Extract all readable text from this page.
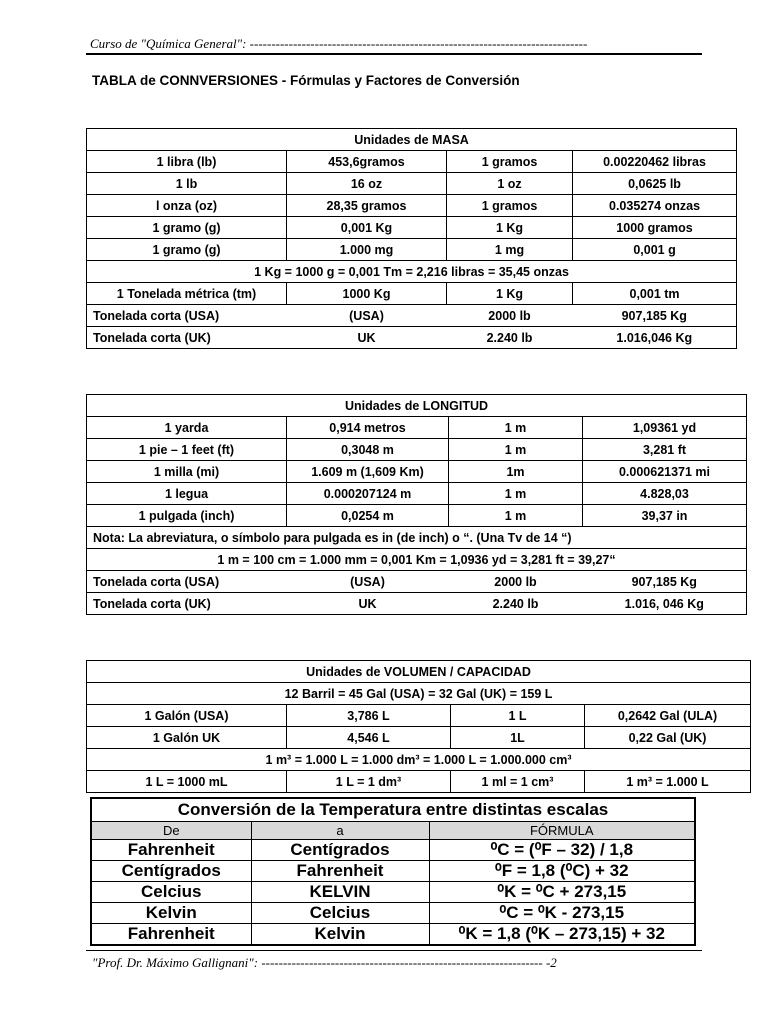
Curso de "Química General": ------------------------------------------------------------------------------
TABLA de CONNVERSIONES - Fórmulas y Factores de Conversión
Unidades de MASA			
1 libra (lb)	453,6gramos	1 gramos	0.00220462 libras
1 lb	16 oz	1 oz	0,0625 lb
l onza (oz)	28,35 gramos	1 gramos	0.035274 onzas
1 gramo (g)	0,001 Kg	1 Kg	1000 gramos
1 gramo (g)	1.000 mg	1 mg	0,001 g
1 Kg = 1000 g = 0,001 Tm = 2,216 libras = 35,45 onzas			
1 Tonelada métrica (tm)	1000 Kg	1 Kg	0,001 tm
Tonelada corta (USA)	(USA)	2000 lb	907,185 Kg
Tonelada corta (UK)	UK	2.240 lb	1.016,046 Kg
Unidades de LONGITUD			
1 yarda	0,914 metros	1 m	1,09361 yd
1 pie – 1 feet (ft)	0,3048 m	1 m	3,281 ft
1 milla (mi)	1.609 m (1,609 Km)	1m	0.000621371 mi
1 legua	0.000207124 m	1 m	4.828,03
1 pulgada (inch)	0,0254 m	1 m	39,37 in
Nota: La abreviatura, o símbolo para pulgada es in (de inch) o “. (Una Tv de 14 “)			
1 m = 100 cm = 1.000 mm = 0,001 Km = 1,0936 yd = 3,281 ft = 39,27“			
Tonelada corta (USA)	(USA)	2000 lb	907,185 Kg
Tonelada corta (UK)	UK	2.240 lb	1.016, 046 Kg
Unidades de VOLUMEN / CAPACIDAD			
12 Barril = 45 Gal (USA) = 32 Gal (UK) = 159 L			
1 Galón (USA)	3,786 L	1 L	0,2642 Gal (ULA)
1 Galón UK	4,546 L	1L	0,22 Gal (UK)
1 m³ = 1.000 L = 1.000 dm³ = 1.000 L = 1.000.000 cm³			
1 L = 1000 mL	1 L = 1 dm³	1 ml = 1 cm³	1 m³ = 1.000 L
Conversión de la Temperatura entre distintas escalas		
De	a	FÓRMULA
Fahrenheit	Centígrados	⁰C = (⁰F – 32) / 1,8
Centígrados	Fahrenheit	⁰F = 1,8 (⁰C) + 32
Celcius	KELVIN	⁰K = ⁰C + 273,15
Kelvin	Celcius	⁰C = ⁰K - 273,15
Fahrenheit	Kelvin	⁰K = 1,8 (⁰K – 273,15) + 32
"Prof. Dr. Máximo Gallignani": ----------------------------------------------------------------- -2
